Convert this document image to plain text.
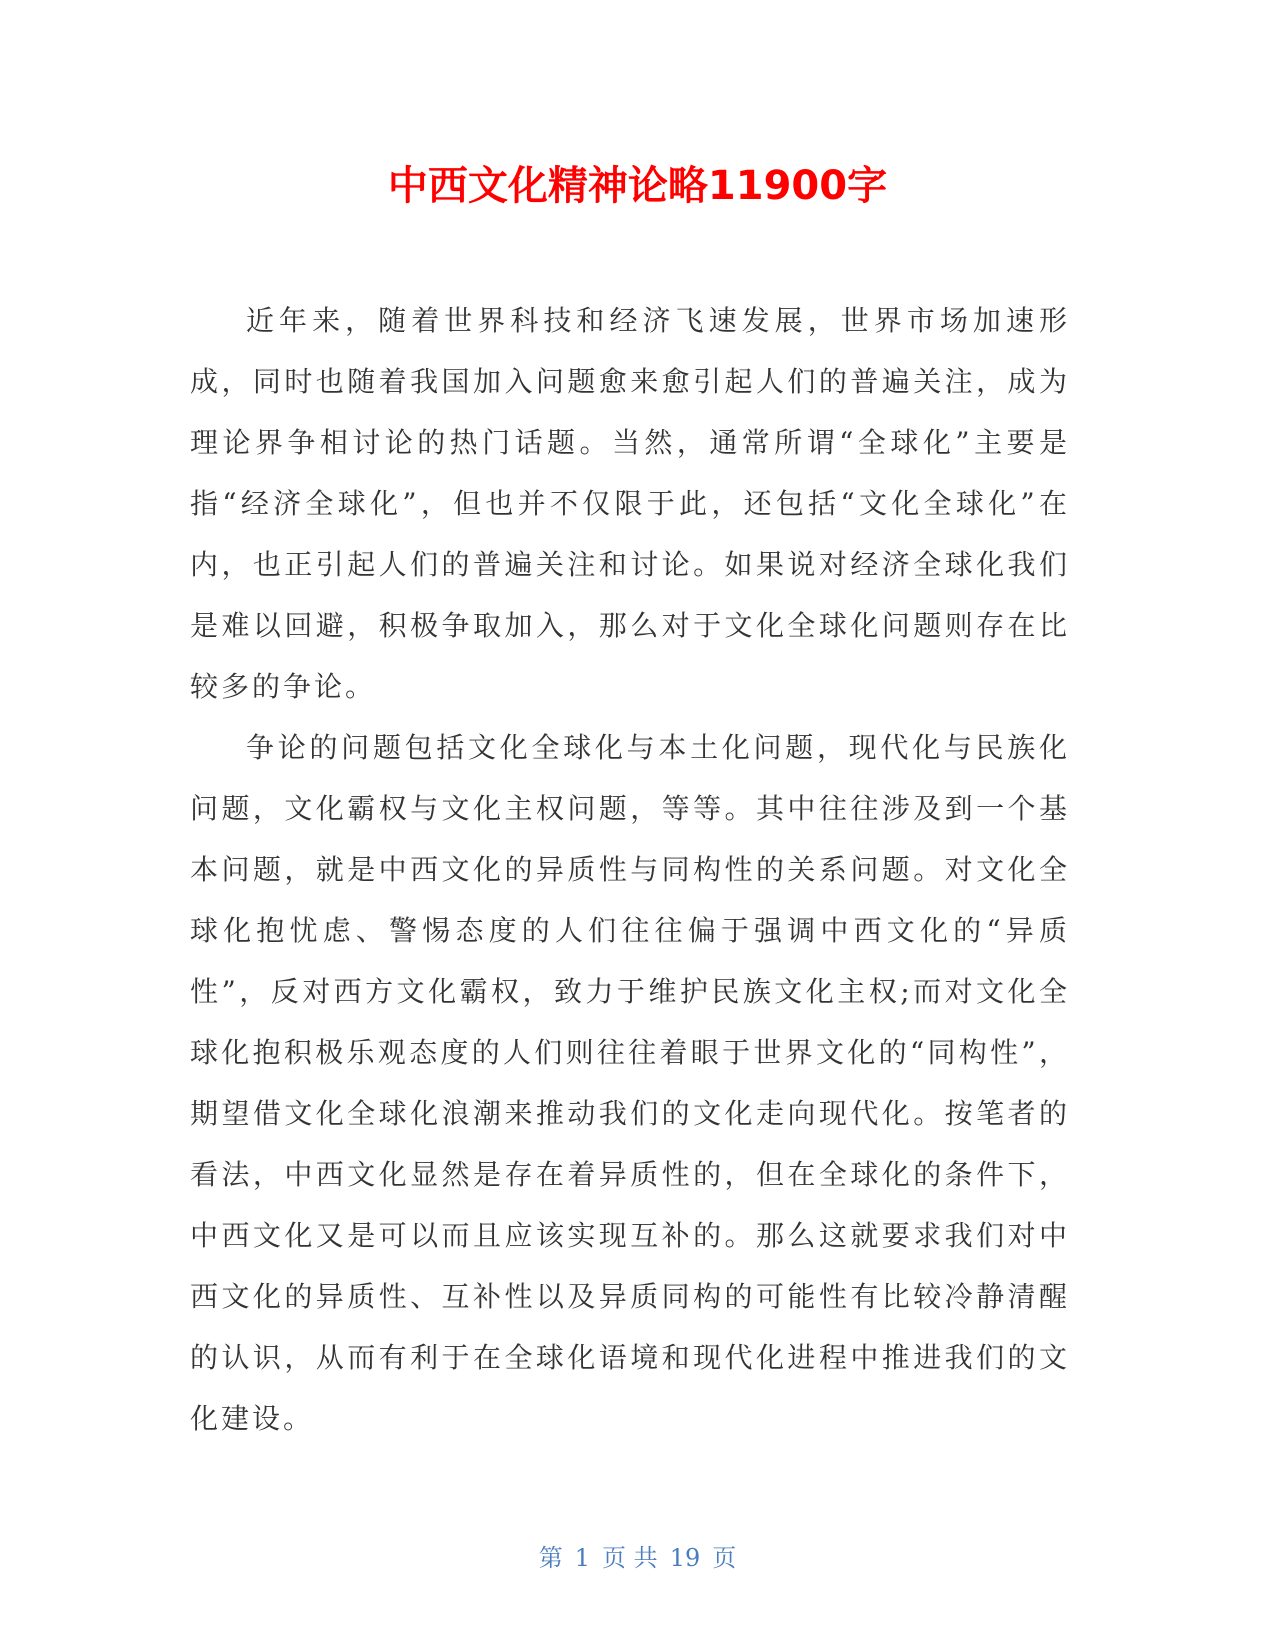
中西文化精神论略11900字

近年来，随着世界科技和经济飞速发展，世界市场加速形成，同时也随着我国加入问题愈来愈引起人们的普遍关注，成为理论界争相讨论的热门话题。当然，通常所谓“全球化”主要是指“经济全球化”，但也并不仅限于此，还包括“文化全球化”在内，也正引起人们的普遍关注和讨论。如果说对经济全球化我们是难以回避，积极争取加入，那么对于文化全球化问题则存在比较多的争论。

争论的问题包括文化全球化与本土化问题，现代化与民族化问题，文化霸权与文化主权问题，等等。其中往往涉及到一个基本问题，就是中西文化的异质性与同构性的关系问题。对文化全球化抱忧虑、警惕态度的人们往往偏于强调中西文化的“异质性”，反对西方文化霸权，致力于维护民族文化主权;而对文化全球化抱积极乐观态度的人们则往往着眼于世界文化的“同构性”，期望借文化全球化浪潮来推动我们的文化走向现代化。按笔者的看法，中西文化显然是存在着异质性的，但在全球化的条件下，中西文化又是可以而且应该实现互补的。那么这就要求我们对中西文化的异质性、互补性以及异质同构的可能性有比较冷静清醒的认识，从而有利于在全球化语境和现代化进程中推进我们的文化建设。

第 1 页 共 19 页
